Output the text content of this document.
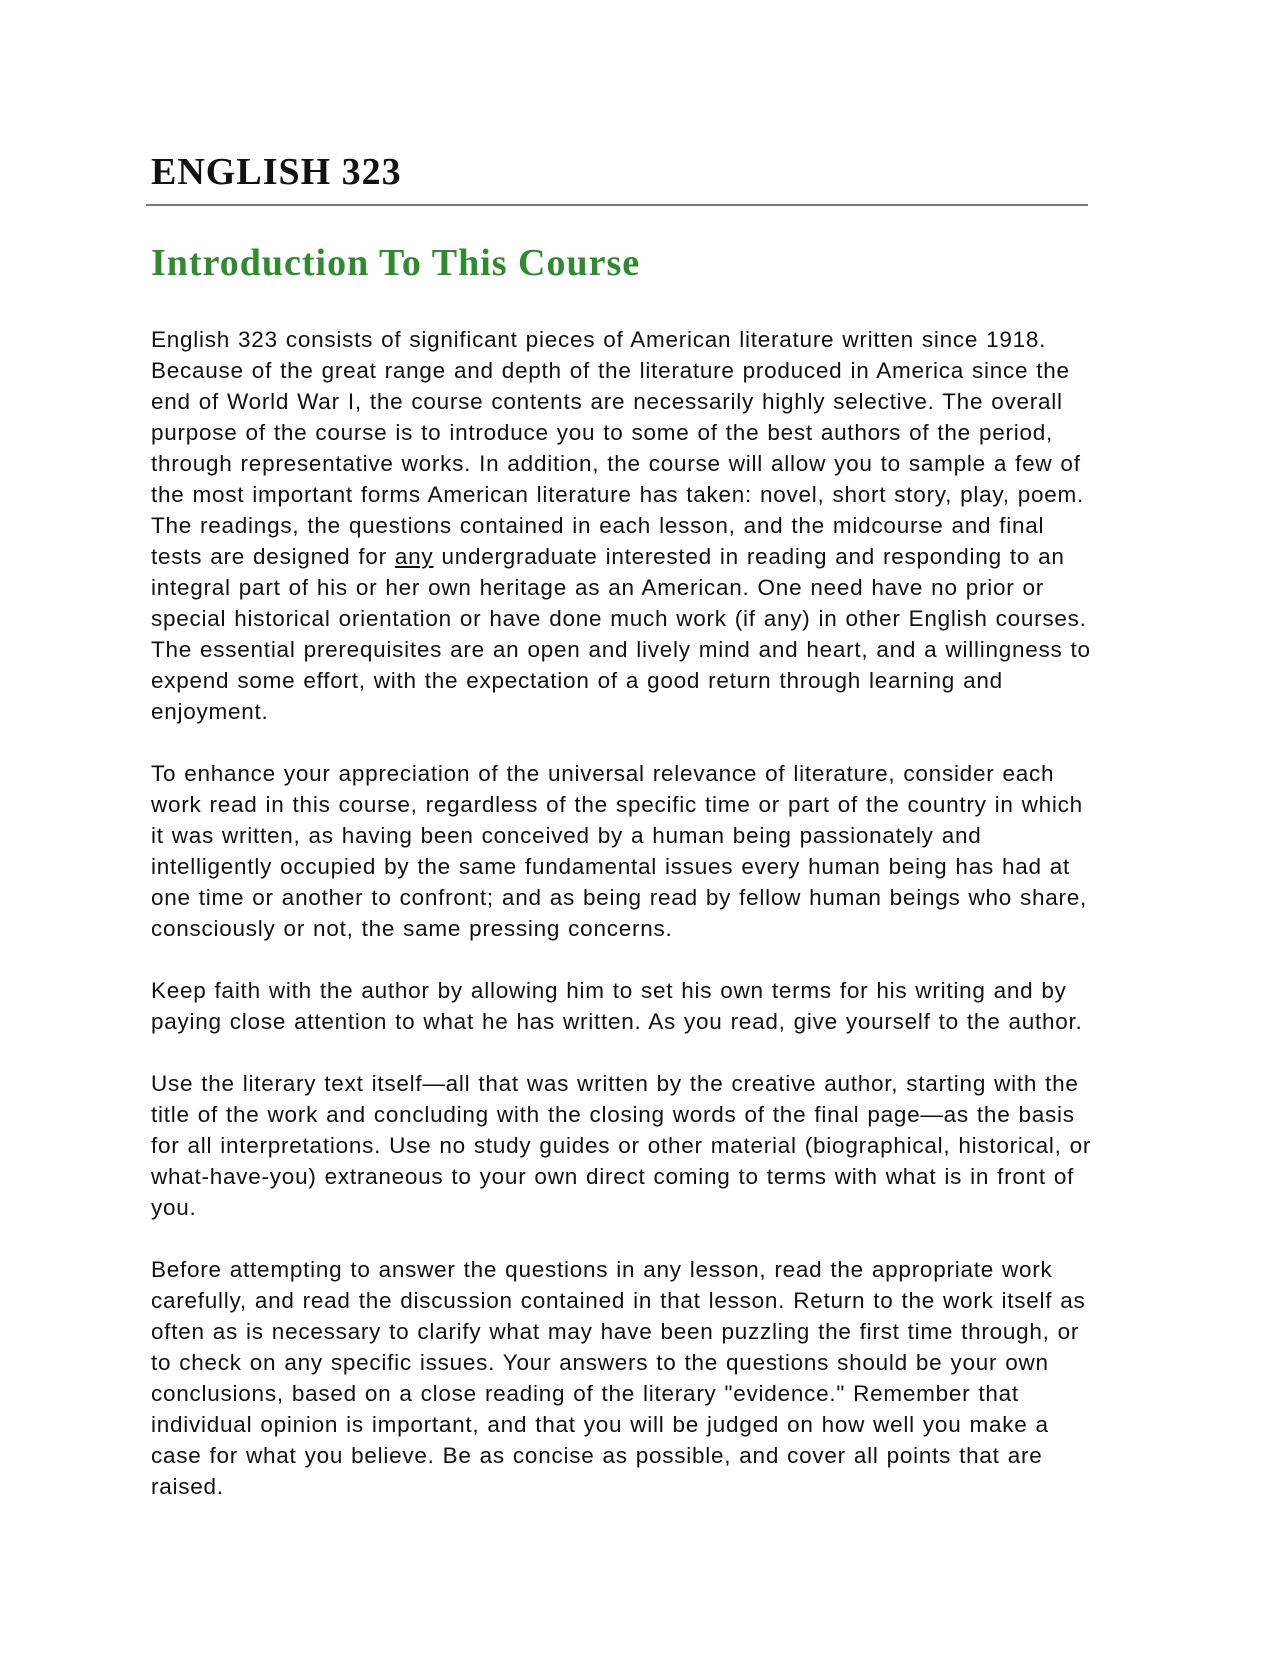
ENGLISH 323
Introduction To This Course

English 323 consists of significant pieces of American literature written since 1918. Because of the great range and depth of the literature produced in America since the end of World War I, the course contents are necessarily highly selective. The overall purpose of the course is to introduce you to some of the best authors of the period, through representative works. In addition, the course will allow you to sample a few of the most important forms American literature has taken: novel, short story, play, poem. The readings, the questions contained in each lesson, and the midcourse and final tests are designed for any undergraduate interested in reading and responding to an integral part of his or her own heritage as an American. One need have no prior or special historical orientation or have done much work (if any) in other English courses. The essential prerequisites are an open and lively mind and heart, and a willingness to expend some effort, with the expectation of a good return through learning and enjoyment.

To enhance your appreciation of the universal relevance of literature, consider each work read in this course, regardless of the specific time or part of the country in which it was written, as having been conceived by a human being passionately and intelligently occupied by the same fundamental issues every human being has had at one time or another to confront; and as being read by fellow human beings who share, consciously or not, the same pressing concerns.

Keep faith with the author by allowing him to set his own terms for his writing and by paying close attention to what he has written. As you read, give yourself to the author.

Use the literary text itself—all that was written by the creative author, starting with the title of the work and concluding with the closing words of the final page—as the basis for all interpretations. Use no study guides or other material (biographical, historical, or what-have-you) extraneous to your own direct coming to terms with what is in front of you.

Before attempting to answer the questions in any lesson, read the appropriate work carefully, and read the discussion contained in that lesson. Return to the work itself as often as is necessary to clarify what may have been puzzling the first time through, or to check on any specific issues. Your answers to the questions should be your own conclusions, based on a close reading of the literary "evidence." Remember that individual opinion is important, and that you will be judged on how well you make a case for what you believe. Be as concise as possible, and cover all points that are raised.
